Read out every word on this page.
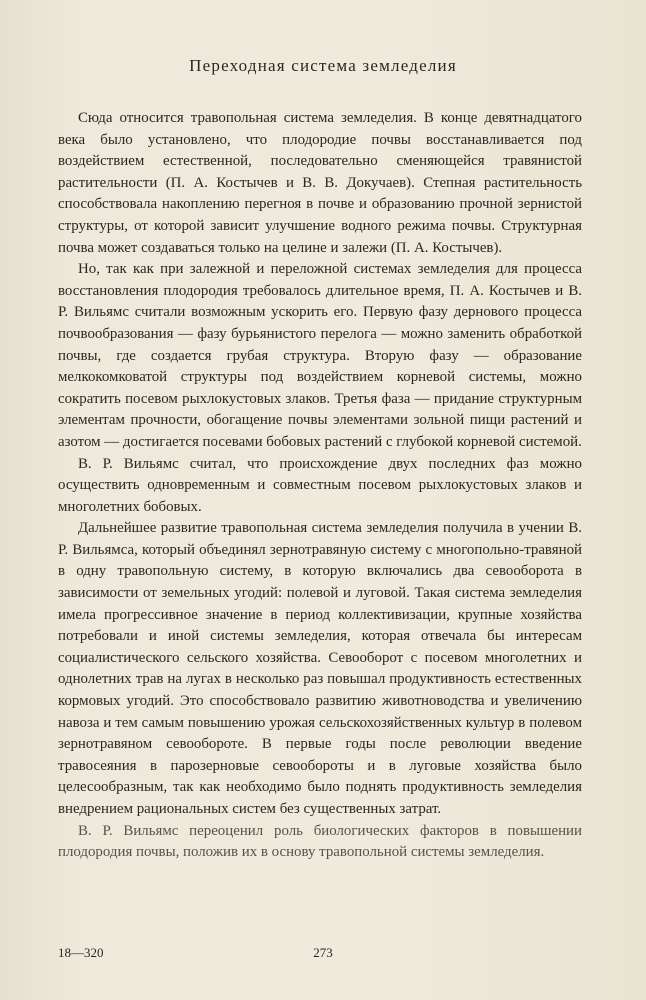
Переходная система земледелия

Сюда относится травопольная система земледелия. В конце девятнадцатого века было установлено, что плодородие почвы восстанавливается под воздействием естественной, последовательно сменяющейся травянистой растительности (П. А. Костычев и В. В. Докучаев). Степная растительность способствовала накоплению перегноя в почве и образованию прочной зернистой структуры, от которой зависит улучшение водного режима почвы. Структурная почва может создаваться только на целине и залежи (П. А. Костычев).

Но, так как при залежной и переложной системах земледелия для процесса восстановления плодородия требовалось длительное время, П. А. Костычев и В. Р. Вильямс считали возможным ускорить его. Первую фазу дернового процесса почвообразования — фазу бурьянистого перелога — можно заменить обработкой почвы, где создается грубая структура. Вторую фазу — образование мелкокомковатой структуры под воздействием корневой системы, можно сократить посевом рыхлокустовых злаков. Третья фаза — придание структурным элементам прочности, обогащение почвы элементами зольной пищи растений и азотом — достигается посевами бобовых растений с глубокой корневой системой.

В. Р. Вильямс считал, что происхождение двух последних фаз можно осуществить одновременным и совместным посевом рыхлокустовых злаков и многолетних бобовых.

Дальнейшее развитие травопольная система земледелия получила в учении В. Р. Вильямса, который объединял зернотравяную систему с многопольно-травяной в одну травопольную систему, в которую включались два севооборота в зависимости от земельных угодий: полевой и луговой. Такая система земледелия имела прогрессивное значение в период коллективизации, крупные хозяйства потребовали и иной системы земледелия, которая отвечала бы интересам социалистического сельского хозяйства. Севооборот с посевом многолетних и однолетних трав на лугах в несколько раз повышал продуктивность естественных кормовых угодий. Это способствовало развитию животноводства и увеличению навоза и тем самым повышению урожая сельскохозяйственных культур в полевом зернотравяном севообороте. В первые годы после революции введение травосеяния в парозерновые севообороты и в луговые хозяйства было целесообразным, так как необходимо было поднять продуктивность земледелия внедрением рациональных систем без существенных затрат.

В. Р. Вильямс переоценил роль биологических факторов в повышении плодородия почвы, положив их в основу травопольной системы земледелия.

18—320	273
